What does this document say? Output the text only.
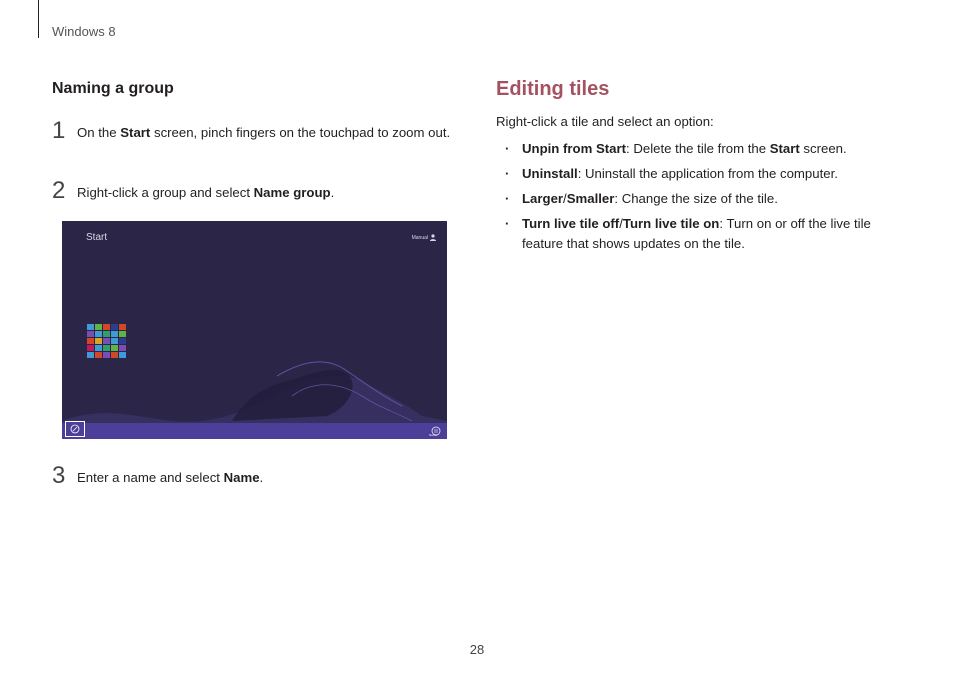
Windows 8
Naming a group
1 On the Start screen, pinch fingers on the touchpad to zoom out.
2 Right-click a group and select Name group.
Start	Manual
Name
3 Enter a name and select Name.
Editing tiles
Right-click a tile and select an option:
· Unpin from Start: Delete the tile from the Start screen.
· Uninstall: Uninstall the application from the computer.
· Larger/Smaller: Change the size of the tile.
· Turn live tile off/Turn live tile on: Turn on or off the live tile feature that shows updates on the tile.
28
